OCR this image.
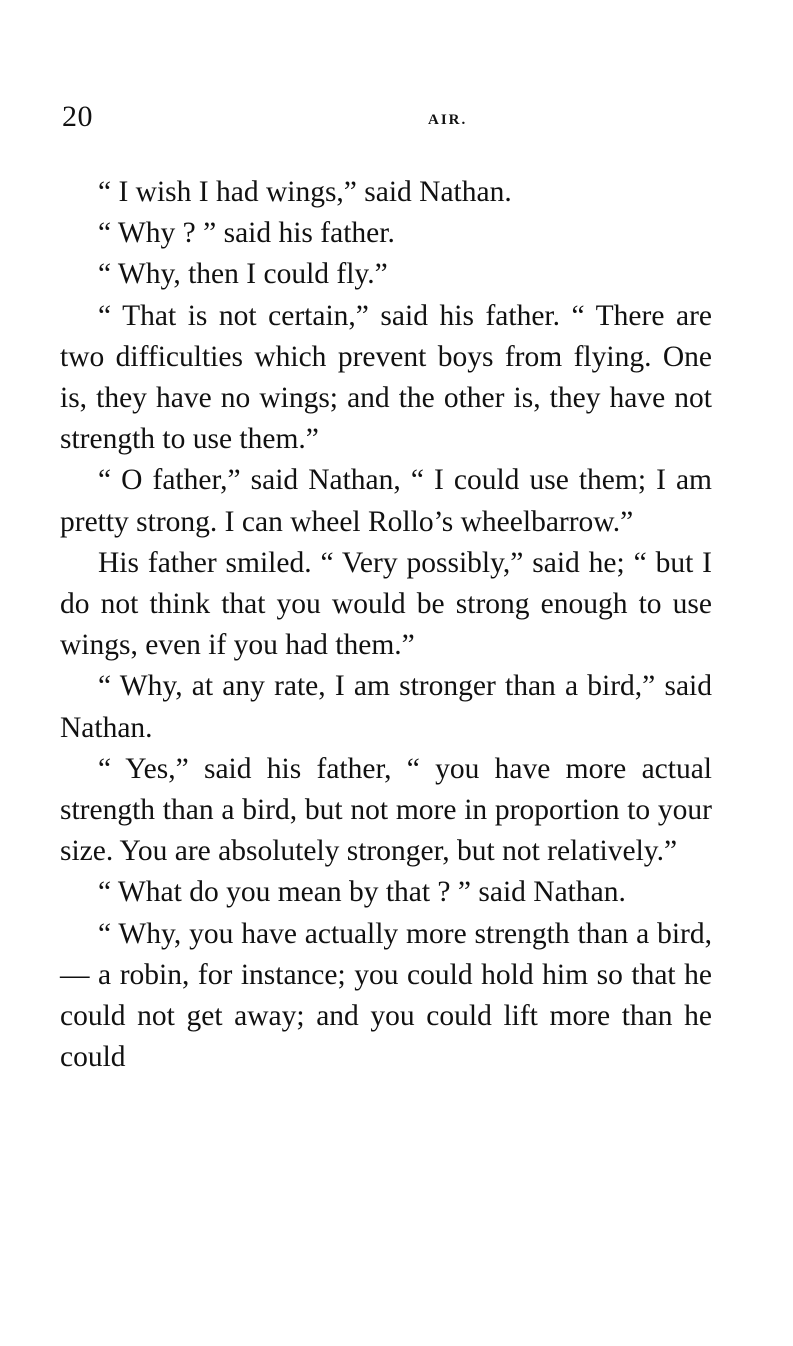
20	AIR.

“ I wish I had wings,” said Nathan.

“ Why ? ” said his father.

“ Why, then I could fly.”

“ That is not certain,” said his father. “ There are two difficulties which prevent boys from flying. One is, they have no wings; and the other is, they have not strength to use them.”

“ O father,” said Nathan, “ I could use them; I am pretty strong. I can wheel Rollo’s wheelbarrow.”

His father smiled. “ Very possibly,” said he; “ but I do not think that you would be strong enough to use wings, even if you had them.”

“ Why, at any rate, I am stronger than a bird,” said Nathan.

“ Yes,” said his father, “ you have more actual strength than a bird, but not more in proportion to your size. You are absolutely stronger, but not relatively.”

“ What do you mean by that ? ” said Nathan.

“ Why, you have actually more strength than a bird, — a robin, for instance; you could hold him so that he could not get away; and you could lift more than he could
